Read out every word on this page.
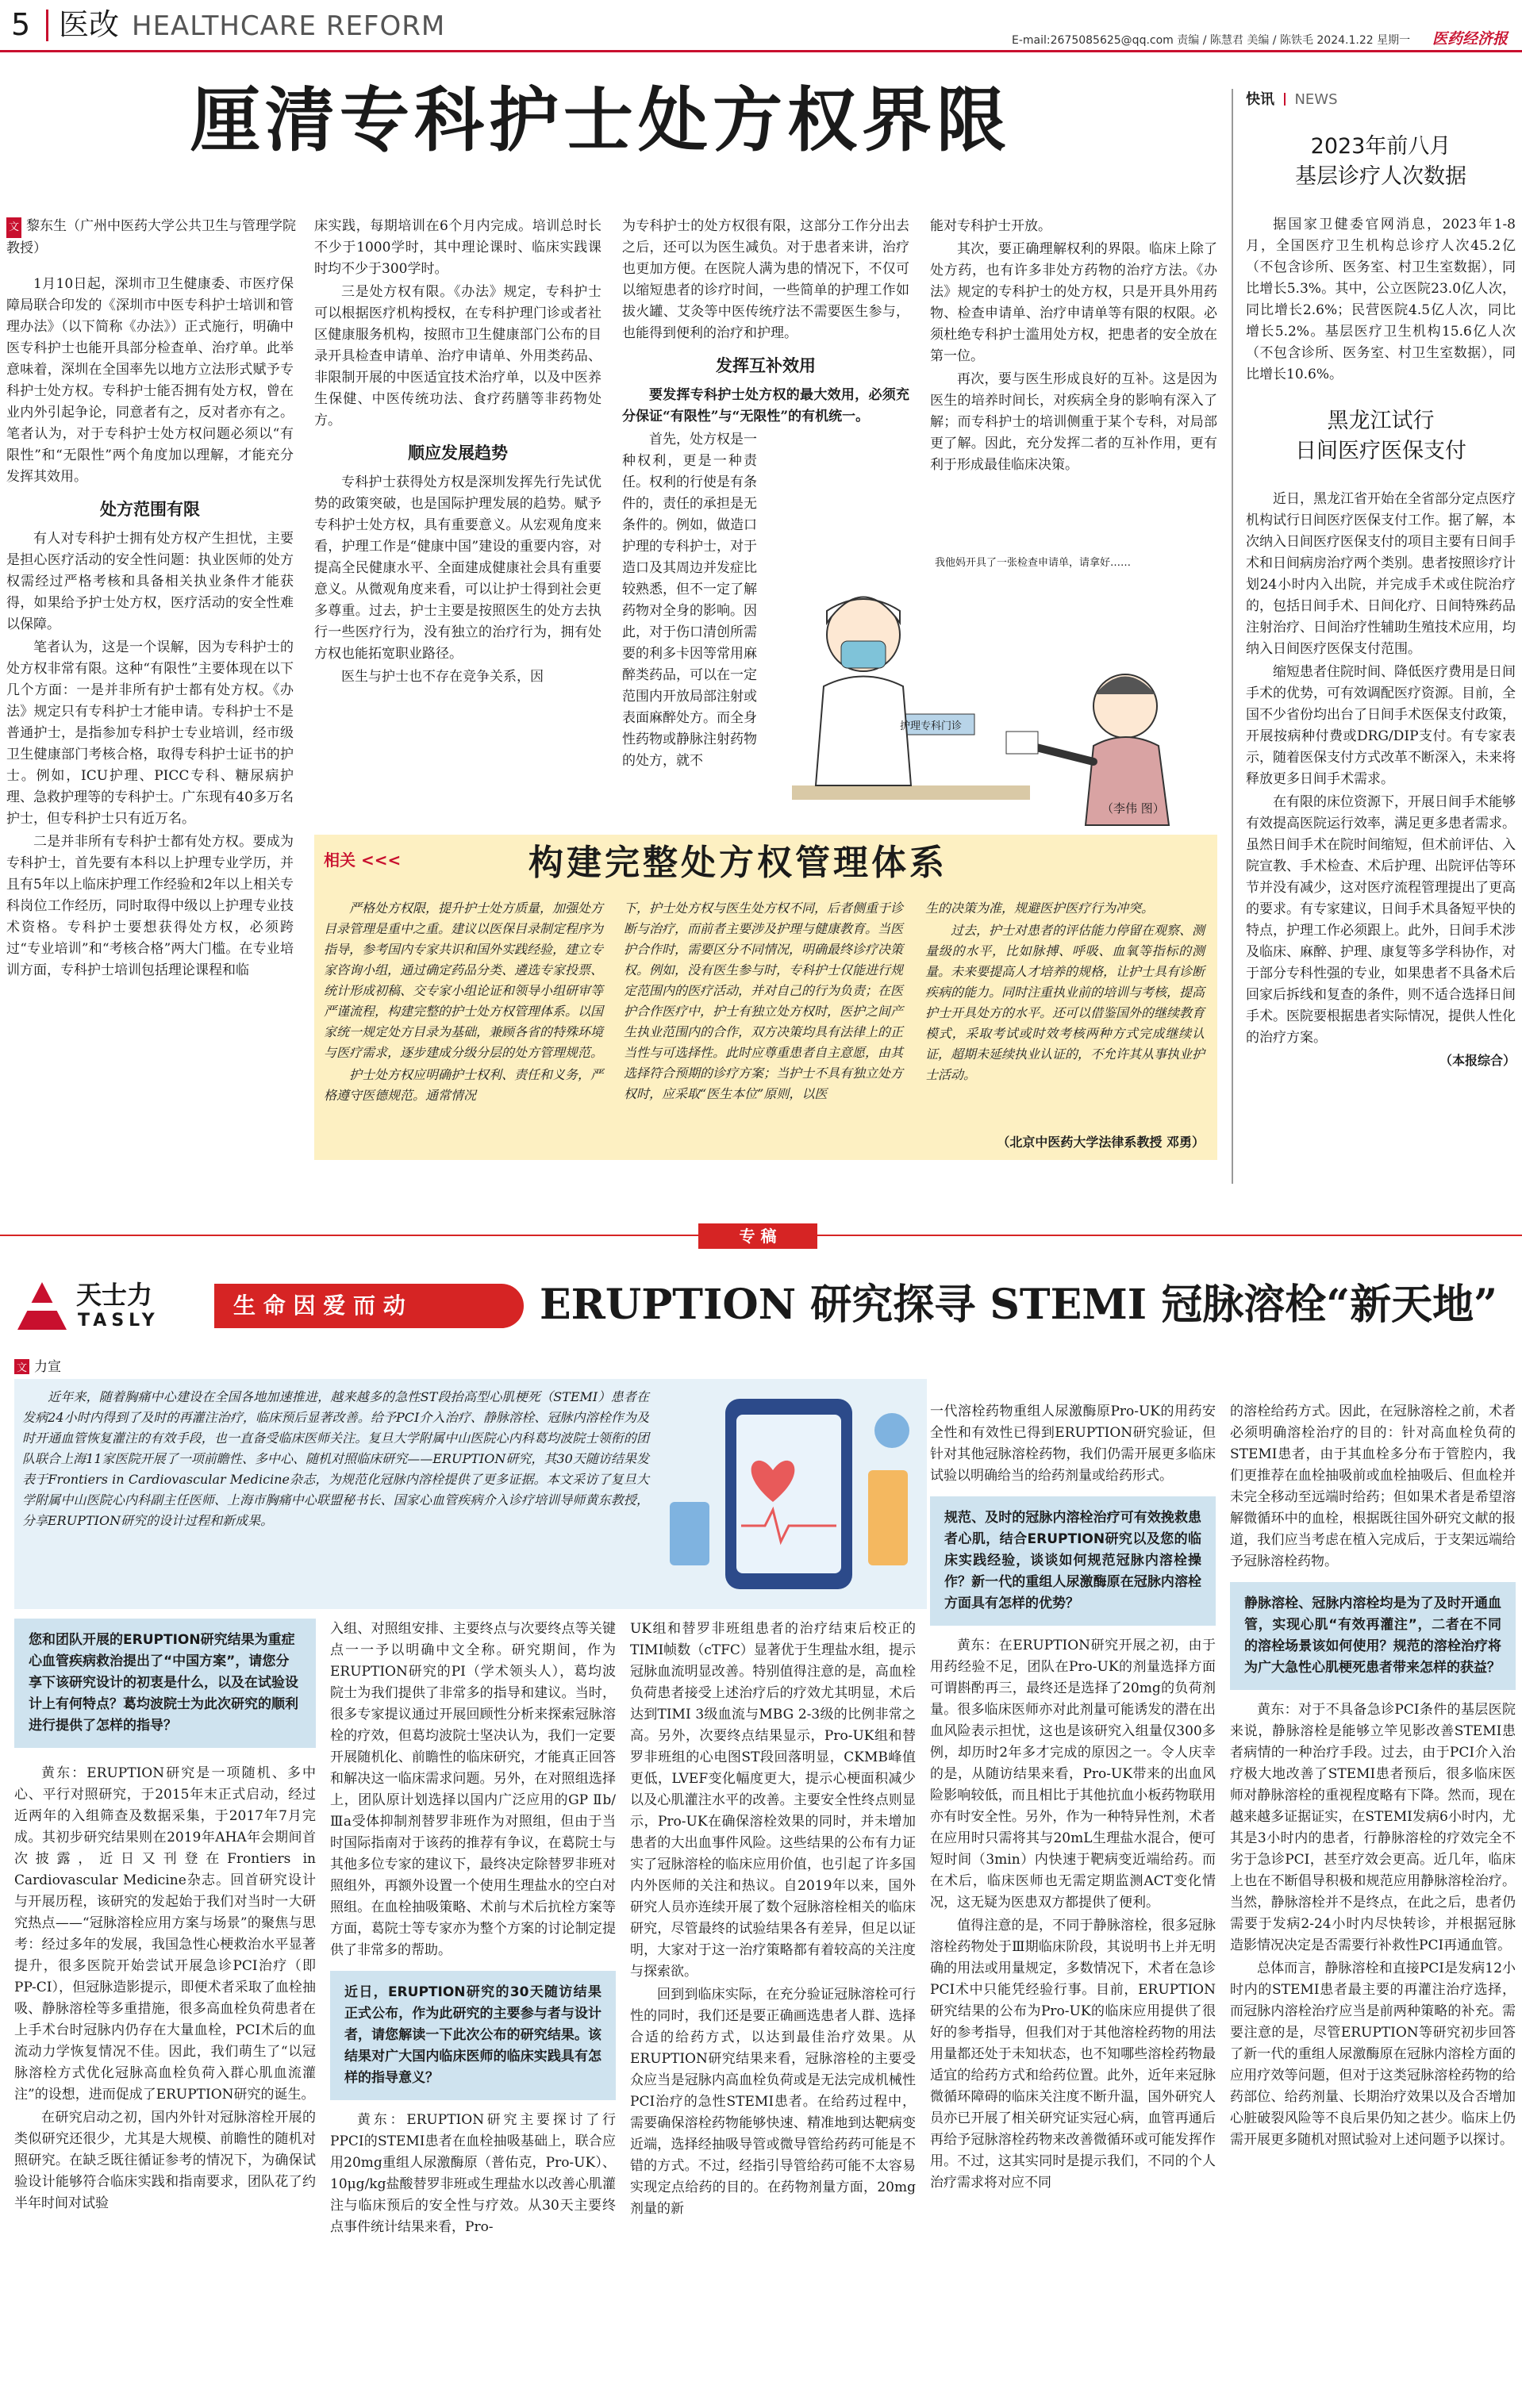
5 医改 HEALTHCARE REFORM	E-mail:2675085625@qq.com 责编 / 陈慧君 美编 / 陈铁毛 2024.1.22 星期一 医药经济报
厘清专科护士处方权界限
文 黎东生（广州中医药大学公共卫生与管理学院教授）

1月10日起，深圳市卫生健康委、市医疗保障局联合印发的《深圳市中医专科护士培训和管理办法》（以下简称《办法》）正式施行，明确中医专科护士也能开具部分检查单、治疗单。此举意味着，深圳在全国率先以地方立法形式赋予专科护士处方权。专科护士能否拥有处方权，曾在业内外引起争论，同意者有之，反对者亦有之。笔者认为，对于专科护士处方权问题必须以“有限性”和“无限性”两个角度加以理解，才能充分发挥其效用。

处方范围有限

有人对专科护士拥有处方权产生担忧，主要是担心医疗活动的安全性问题：执业医师的处方权需经过严格考核和具备相关执业条件才能获得，如果给予护士处方权，医疗活动的安全性难以保障。

笔者认为，这是一个误解，因为专科护士的处方权非常有限。这种“有限性”主要体现在以下几个方面：一是并非所有护士都有处方权。《办法》规定只有专科护士才能申请。专科护士不是普通护士，是指参加专科护士专业培训，经市级卫生健康部门考核合格，取得专科护士证书的护士。例如，ICU护理、PICC专科、糖尿病护理、急救护理等的专科护士。广东现有40多万名护士，但专科护士只有近万名。

二是并非所有专科护士都有处方权。要成为专科护士，首先要有本科以上护理专业学历，并且有5年以上临床护理工作经验和2年以上相关专科岗位工作经历，同时取得中级以上护理专业技术资格。专科护士要想获得处方权，必须跨过“专业培训”和“考核合格”两大门槛。在专业培训方面，专科护士培训包括理论课程和临

床实践，每期培训在6个月内完成。培训总时长不少于1000学时，其中理论课时、临床实践课时均不少于300学时。

三是处方权有限。《办法》规定，专科护士可以根据医疗机构授权，在专科护理门诊或者社区健康服务机构，按照市卫生健康部门公布的目录开具检查申请单、治疗申请单、外用类药品、非限制开展的中医适宜技术治疗单，以及中医养生保健、中医传统功法、食疗药膳等非药物处方。

顺应发展趋势

专科护士获得处方权是深圳发挥先行先试优势的政策突破，也是国际护理发展的趋势。赋予专科护士处方权，具有重要意义。从宏观角度来看，护理工作是“健康中国”建设的重要内容，对提高全民健康水平、全面建成健康社会具有重要意义。从微观角度来看，可以让护士得到社会更多尊重。过去，护士主要是按照医生的处方去执行一些医疗行为，没有独立的治疗行为，拥有处方权也能拓宽职业路径。

医生与护士也不存在竞争关系，因

为专科护士的处方权很有限，这部分工作分出去之后，还可以为医生减负。对于患者来讲，治疗也更加方便。在医院人满为患的情况下，不仅可以缩短患者的诊疗时间，一些简单的护理工作如拔火罐、艾灸等中医传统疗法不需要医生参与，也能得到便利的治疗和护理。

发挥互补效用

要发挥专科护士处方权的最大效用，必须充分保证“有限性”与“无限性”的有机统一。

首先，处方权是一种权利，更是一种责任。权利的行使是有条件的，责任的承担是无条件的。例如，做造口护理的专科护士，对于造口及其周边并发症比较熟悉，但不一定了解药物对全身的影响。因此，对于伤口清创所需要的利多卡因等常用麻醉类药品，可以在一定范围内开放局部注射或表面麻醉处方。而全身性药物或静脉注射药物的处方，就不

能对专科护士开放。

其次，要正确理解权利的界限。临床上除了处方药，也有许多非处方药物的治疗方法。《办法》规定的专科护士的处方权，只是开具外用药物、检查申请单、治疗申请单等有限的权限。必须杜绝专科护士滥用处方权，把患者的安全放在第一位。

再次，要与医生形成良好的互补。这是因为医生的培养时间长，对疾病全身的影响有深入了解；而专科护士的培训侧重于某个专科，对局部更了解。因此，充分发挥二者的互补作用，更有利于形成最佳临床决策。

我他妈开具了一张检查申请单，请拿好……
护理专科门诊
（李伟 图）
相关 <<<	构建完整处方权管理体系

严格处方权限，提升护士处方质量，加强处方目录管理是重中之重。建议以医保目录制定程序为指导，参考国内专家共识和国外实践经验，建立专家咨询小组，通过确定药品分类、遴选专家投票、统计形成初稿、交专家小组论证和领导小组研审等严谨流程，构建完整的护士处方权管理体系。以国家统一规定处方目录为基础，兼顾各省的特殊环境与医疗需求，逐步建成分级分层的处方管理规范。

护士处方权应明确护士权利、责任和义务，严格遵守医德规范。通常情况

下，护士处方权与医生处方权不同，后者侧重于诊断与治疗，而前者主要涉及护理与健康教育。当医护合作时，需要区分不同情况，明确最终诊疗决策权。例如，没有医生参与时，专科护士仅能进行规定范围内的医疗活动，并对自己的行为负责；在医护合作医疗中，护士有独立处方权时，医护之间产生执业范围内的合作，双方决策均具有法律上的正当性与可选择性。此时应尊重患者自主意愿，由其选择符合预期的诊疗方案；当护士不具有独立处方权时，应采取“医生本位”原则，以医

生的决策为准，规避医护医疗行为冲突。

过去，护士对患者的评估能力停留在观察、测量级的水平，比如脉搏、呼吸、血氧等指标的测量。未来要提高人才培养的规格，让护士具有诊断疾病的能力。同时注重执业前的培训与考核，提高护士开具处方的水平。还可以借鉴国外的继续教育模式，采取考试或时效考核两种方式完成继续认证，超期未延续执业认证的，不允许其从事执业护士活动。

（北京中医药大学法律系教授 邓勇）
快讯 NEWS
2023年前八月
基层诊疗人次数据

据国家卫健委官网消息，2023年1-8月，全国医疗卫生机构总诊疗人次45.2亿（不包含诊所、医务室、村卫生室数据），同比增长5.3%。其中，公立医院23.0亿人次，同比增长2.6%；民营医院4.5亿人次，同比增长5.2%。基层医疗卫生机构15.6亿人次（不包含诊所、医务室、村卫生室数据），同比增长10.6%。

黑龙江试行
日间医疗医保支付

近日，黑龙江省开始在全省部分定点医疗机构试行日间医疗医保支付工作。据了解，本次纳入日间医疗医保支付的项目主要有日间手术和日间病房治疗两个类别。患者按照诊疗计划24小时内入出院，并完成手术或住院治疗的，包括日间手术、日间化疗、日间特殊药品注射治疗、日间治疗性辅助生殖技术应用，均纳入日间医疗医保支付范围。

缩短患者住院时间、降低医疗费用是日间手术的优势，可有效调配医疗资源。目前，全国不少省份均出台了日间手术医保支付政策，开展按病种付费或DRG/DIP支付。有专家表示，随着医保支付方式改革不断深入，未来将释放更多日间手术需求。

在有限的床位资源下，开展日间手术能够有效提高医院运行效率，满足更多患者需求。虽然日间手术在院时间缩短，但术前评估、入院宣教、手术检查、术后护理、出院评估等环节并没有减少，这对医疗流程管理提出了更高的要求。有专家建议，日间手术具备短平快的特点，护理工作必须跟上。此外，日间手术涉及临床、麻醉、护理、康复等多学科协作，对于部分专科性强的专业，如果患者不具备术后回家后拆线和复查的条件，则不适合选择日间手术。医院要根据患者实际情况，提供人性化的治疗方案。

（本报综合）
专 稿
天士力
TASLY
生 命 因 爱 而 动	ERUPTION 研究探寻 STEMI 冠脉溶栓“新天地”
文 力宣

近年来，随着胸痛中心建设在全国各地加速推进，越来越多的急性ST段抬高型心肌梗死（STEMI）患者在发病24小时内得到了及时的再灌注治疗，临床预后显著改善。给予PCI介入治疗、静脉溶栓、冠脉内溶栓作为及时开通血管恢复灌注的有效手段，也一直备受临床医师关注。复旦大学附属中山医院心内科葛均波院士领衔的团队联合上海11家医院开展了一项前瞻性、多中心、随机对照临床研究——ERUPTION研究，其30天随访结果发表于Frontiers in Cardiovascular Medicine杂志，为规范化冠脉内溶栓提供了更多证据。本文采访了复旦大学附属中山医院心内科副主任医师、上海市胸痛中心联盟秘书长、国家心血管疾病介入诊疗培训导师黄东教授，分享ERUPTION研究的设计过程和新成果。

您和团队开展的ERUPTION研究结果为重症心血管疾病救治提出了“中国方案”，请您分享下该研究设计的初衷是什么，以及在试验设计上有何特点？葛均波院士为此次研究的顺利进行提供了怎样的指导？

黄东：ERUPTION研究是一项随机、多中心、平行对照研究，于2015年末正式启动，经过近两年的入组筛查及数据采集，于2017年7月完成。其初步研究结果则在2019年AHA年会期间首次披露，近日又刊登在Frontiers in Cardiovascular Medicine杂志。回首研究设计与开展历程，该研究的发起始于我们对当时一大研究热点——“冠脉溶栓应用方案与场景”的聚焦与思考：经过多年的发展，我国急性心梗救治水平显著提升，很多医院开始尝试开展急诊PCI治疗（即PP-CI），但冠脉造影提示，即便术者采取了血栓抽吸、静脉溶栓等多重措施，很多高血栓负荷患者在上手术台时冠脉内仍存在大量血栓，PCI术后的血流动力学恢复情况不佳。因此，我们萌生了“以冠脉溶栓方式优化冠脉高血栓负荷入群心肌血流灌注”的设想，进而促成了ERUPTION研究的诞生。

在研究启动之初，国内外针对冠脉溶栓开展的类似研究还很少，尤其是大规模、前瞻性的随机对照研究。在缺乏既往循证参考的情况下，为确保试验设计能够符合临床实践和指南要求，团队花了约半年时间对试验

入组、对照组安排、主要终点与次要终点等关键点一一予以明确中文全称。研究期间，作为ERUPTION研究的PI（学术领头人），葛均波院士为我们提供了非常多的指导和建议。当时，很多专家提议通过开展回顾性分析来探索冠脉溶栓的疗效，但葛均波院士坚决认为，我们一定要开展随机化、前瞻性的临床研究，才能真正回答和解决这一临床需求问题。另外，在对照组选择上，团队原计划选择以国内广泛应用的GP Ⅱb/Ⅲa受体抑制剂替罗非班作为对照组，但由于当时国际指南对于该药的推荐有争议，在葛院士与其他多位专家的建议下，最终决定除替罗非班对照组外，再额外设置一个使用生理盐水的空白对照组。在血栓抽吸策略、术前与术后抗栓方案等方面，葛院士等专家亦为整个方案的讨论制定提供了非常多的帮助。

近日，ERUPTION研究的30天随访结果正式公布，作为此研究的主要参与者与设计者，请您解读一下此次公布的研究结果。该结果对广大国内临床医师的临床实践具有怎样的指导意义？

黄东：ERUPTION研究主要探讨了行PPCI的STEMI患者在血栓抽吸基础上，联合应用20mg重组人尿激酶原（普佑克，Pro-UK）、10μg/kg盐酸替罗非班或生理盐水以改善心肌灌注与临床预后的安全性与疗效。从30天主要终点事件统计结果来看，Pro-

UK组和替罗非班组患者的治疗结束后校正的TIMI帧数（cTFC）显著优于生理盐水组，提示冠脉血流明显改善。特别值得注意的是，高血栓负荷患者接受上述治疗后的疗效尤其明显，术后达到TIMI 3级血流与MBG 2-3级的比例非常之高。另外，次要终点结果显示，Pro-UK组和替罗非班组的心电图ST段回落明显，CKMB峰值更低，LVEF变化幅度更大，提示心梗面积减少以及心肌灌注水平的改善。主要安全性终点则显示，Pro-UK在确保溶栓效果的同时，并未增加患者的大出血事件风险。这些结果的公布有力证实了冠脉溶栓的临床应用价值，也引起了许多国内外医师的关注和热议。自2019年以来，国外研究人员亦连续开展了数个冠脉溶栓相关的临床研究，尽管最终的试验结果各有差异，但足以证明，大家对于这一治疗策略都有着较高的关注度与探索欲。

回到到临床实际，在充分验证冠脉溶栓可行性的同时，我们还是要正确画选患者人群、选择合适的给药方式，以达到最佳治疗效果。从ERUPTION研究结果来看，冠脉溶栓的主要受众应当是冠脉内高血栓负荷或是无法完成机械性PCI治疗的急性STEMI患者。在给药过程中，需要确保溶栓药物能够快速、精准地到达靶病变近端，选择经抽吸导管或微导管给药药可能是不错的方式。不过，经指引导管给药可能不太容易实现定点给药的目的。在药物剂量方面，20mg剂量的新

一代溶栓药物重组人尿激酶原Pro-UK的用药安全性和有效性已得到ERUPTION研究验证，但针对其他冠脉溶栓药物，我们仍需开展更多临床试验以明确给当的给药剂量或给药形式。

规范、及时的冠脉内溶栓治疗可有效挽救患者心肌，结合ERUPTION研究以及您的临床实践经验，谈谈如何规范冠脉内溶栓操作？新一代的重组人尿激酶原在冠脉内溶栓方面具有怎样的优势？

黄东：在ERUPTION研究开展之初，由于用药经验不足，团队在Pro-UK的剂量选择方面可谓斟酌再三，最终还是选择了20mg的负荷剂量。很多临床医师亦对此剂量可能诱发的潜在出血风险表示担忧，这也是该研究入组量仅300多例，却历时2年多才完成的原因之一。令人庆幸的是，从随访结果来看，Pro-UK带来的出血风险影响较低，而且相比于其他抗血小板药物联用亦有时安全性。另外，作为一种特异性剂，术者在应用时只需将其与20mL生理盐水混合，便可短时间（3min）内快速于靶病变近端给药。而在术后，临床医师也无需定期监测ACT变化情况，这无疑为医患双方都提供了便利。

值得注意的是，不同于静脉溶栓，很多冠脉溶栓药物处于Ⅲ期临床阶段，其说明书上并无明确的用法或用量规定，多数情况下，术者在急诊PCI术中只能凭经验行事。目前，ERUPTION研究结果的公布为Pro-UK的临床应用提供了很好的参考指导，但我们对于其他溶栓药物的用法用量都还处于未知状态，也不知哪些溶栓药物最适宜的给药方式和给药位置。此外，近年来冠脉微循环障碍的临床关注度不断升温，国外研究人员亦已开展了相关研究证实冠心病，血管再通后再给予冠脉溶栓药物来改善微循环或可能发挥作用。不过，这其实同时是提示我们，不同的个人治疗需求将对应不同

的溶栓给药方式。因此，在冠脉溶栓之前，术者必须明确溶栓治疗的目的：针对高血栓负荷的STEMI患者，由于其血栓多分布于管腔内，我们更推荐在血栓抽吸前或血栓抽吸后、但血栓并未完全移动至远端时给药；但如果术者是希望溶解微循环中的血栓，根据既往国外研究文献的报道，我们应当考虑在植入完成后，于支架远端给予冠脉溶栓药物。

静脉溶栓、冠脉内溶栓均是为了及时开通血管，实现心肌“有效再灌注”，二者在不同的溶栓场景该如何使用？规范的溶栓治疗将为广大急性心肌梗死患者带来怎样的获益？

黄东：对于不具备急诊PCI条件的基层医院来说，静脉溶栓是能够立竿见影改善STEMI患者病情的一种治疗手段。过去，由于PCI介入治疗极大地改善了STEMI患者预后，很多临床医师对静脉溶栓的重视程度略有下降。然而，现在越来越多证据证实，在STEMI发病6小时内，尤其是3小时内的患者，行静脉溶栓的疗效完全不劣于急诊PCI，甚至疗效会更高。近几年，临床上也在不断倡导积极和规范应用静脉溶栓治疗。当然，静脉溶栓并不是终点，在此之后，患者仍需要于发病2-24小时内尽快转诊，并根据冠脉造影情况决定是否需要行补救性PCI再通血管。

总体而言，静脉溶栓和直接PCI是发病12小时内的STEMI患者最主要的再灌注治疗选择，而冠脉内溶栓治疗应当是前两种策略的补充。需要注意的是，尽管ERUPTION等研究初步回答了新一代的重组人尿激酶原在冠脉内溶栓方面的应用疗效等问题，但对于这类冠脉溶栓药物的给药部位、给药剂量、长期治疗效果以及合否增加心脏破裂风险等不良后果仍知之甚少。临床上仍需开展更多随机对照试验对上述问题予以探讨。
